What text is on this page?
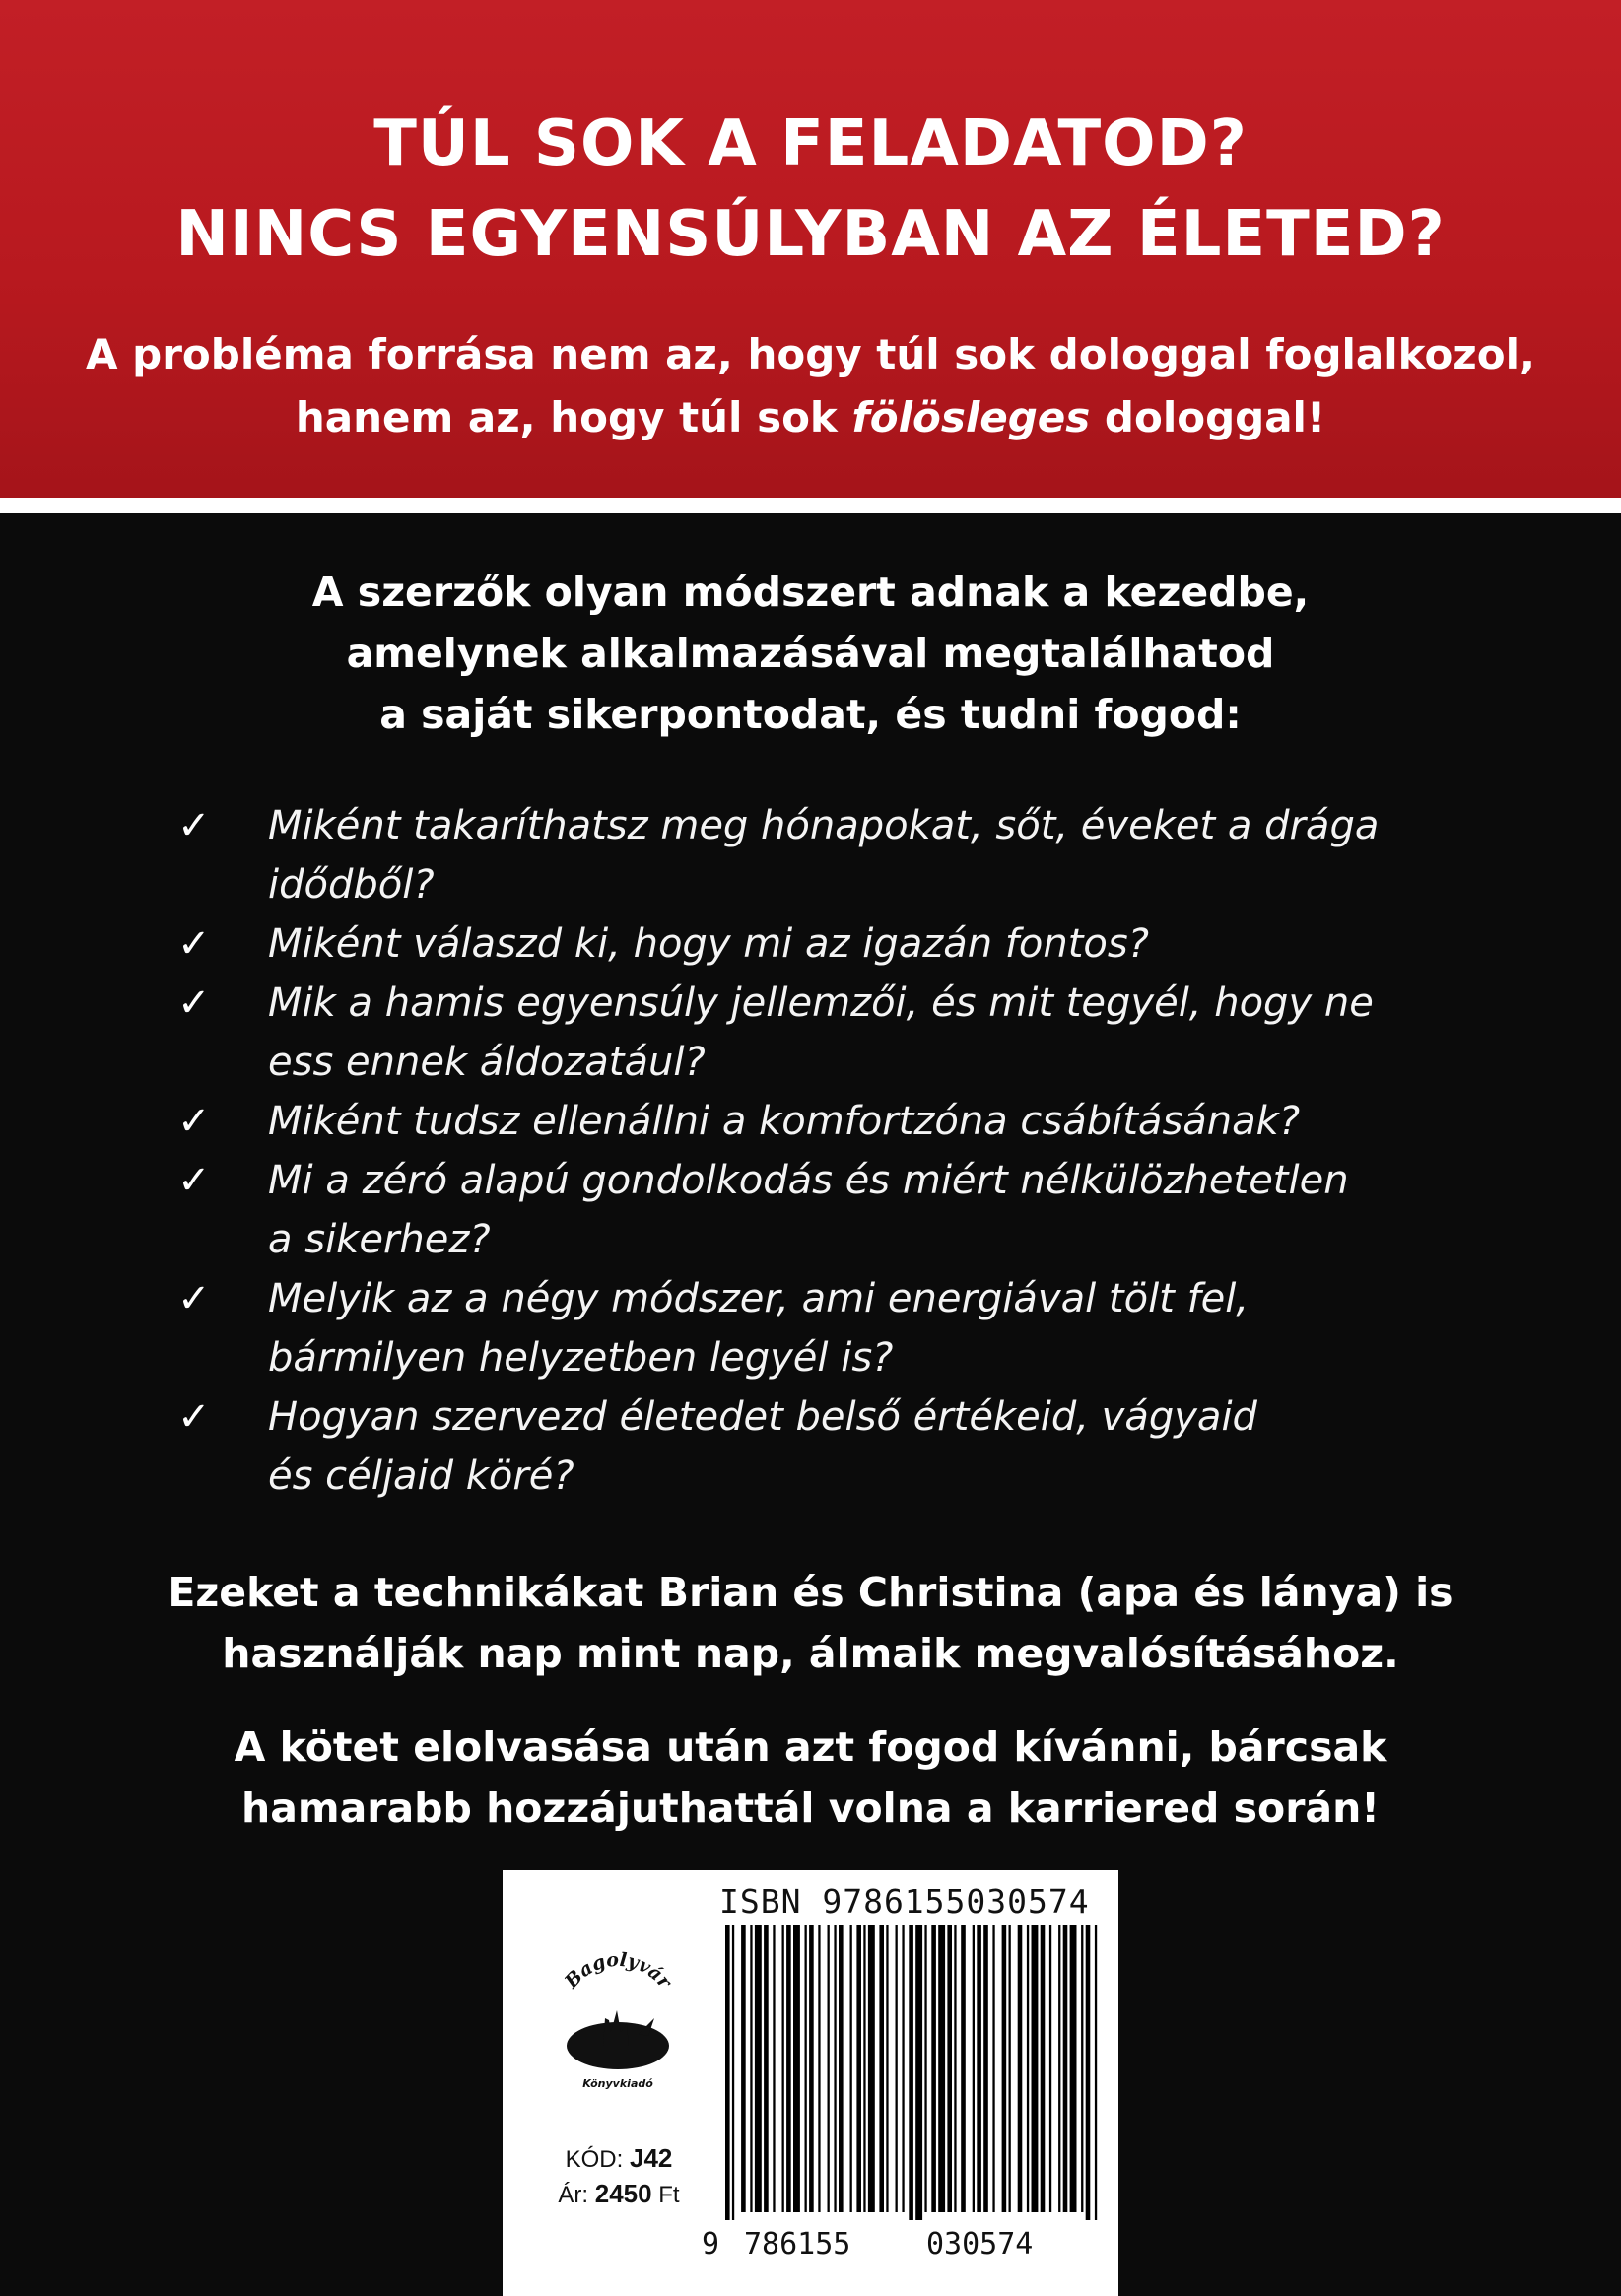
TÚL SOK A FELADATOD?
NINCS EGYENSÚLYBAN AZ ÉLETED?
A probléma forrása nem az, hogy túl sok dologgal foglalkozol,
hanem az, hogy túl sok fölösleges dologgal!
A szerzők olyan módszert adnak a kezedbe,
amelynek alkalmazásával megtalálhatod
a saját sikerpontodat, és tudni fogod:
✓	Miként takaríthatsz meg hónapokat, sőt, éveket a drága
idődből?
✓	Miként válaszd ki, hogy mi az igazán fontos?
✓	Mik a hamis egyensúly jellemzői, és mit tegyél, hogy ne
ess ennek áldozatául?
✓	Miként tudsz ellenállni a komfortzóna csábításának?
✓	Mi a zéró alapú gondolkodás és miért nélkülözhetetlen
a sikerhez?
✓	Melyik az a négy módszer, ami energiával tölt fel,
bármilyen helyzetben legyél is?
✓	Hogyan szervezd életedet belső értékeid, vágyaid
és céljaid köré?
Ezeket a technikákat Brian és Christina (apa és lánya) is
használják nap mint nap, álmaik megvalósításához.
A kötet elolvasása után azt fogod kívánni, bárcsak
hamarabb hozzájuthattál volna a karriered során!
Bagolyvár
Könyvkiadó
KÓD: J42
Ár: 2450 Ft
ISBN 9786155030574
9 786155	030574
